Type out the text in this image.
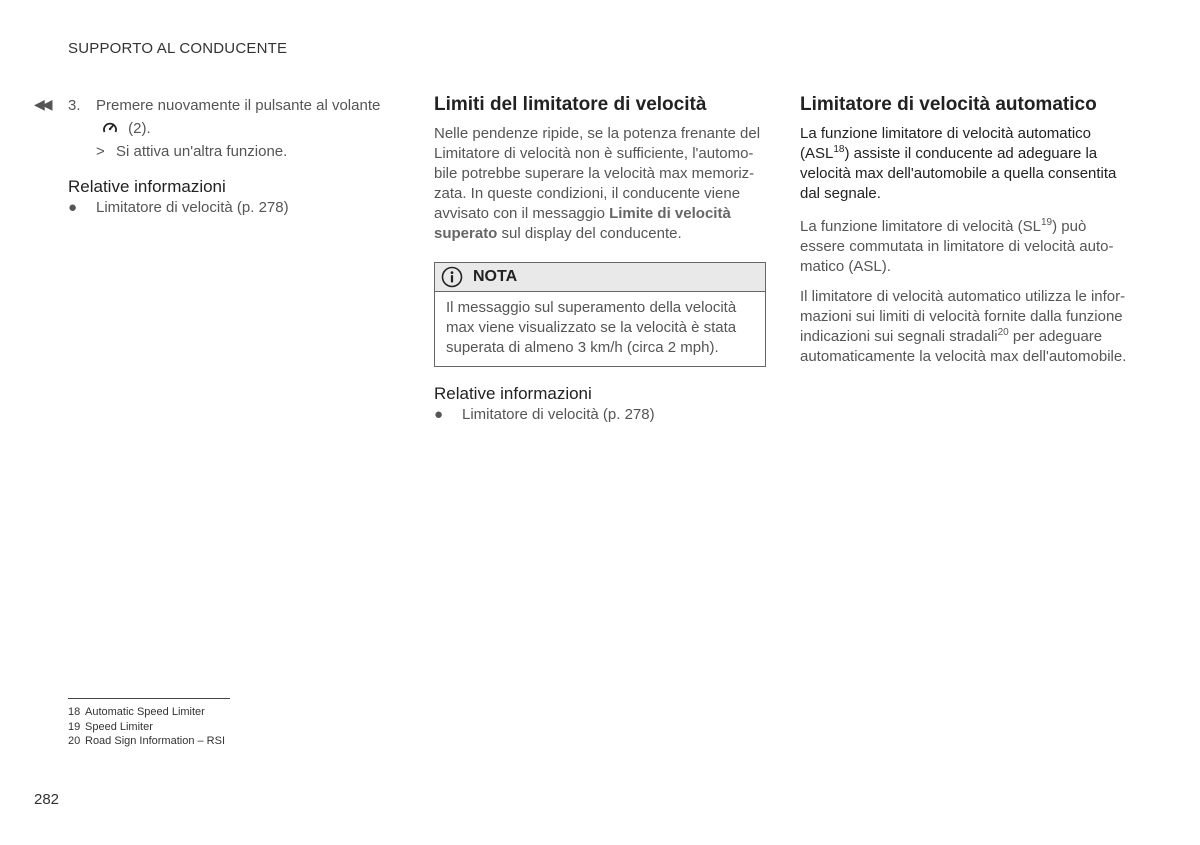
SUPPORTO AL CONDUCENTE
◀◀ 3.	Premere nuovamente il pulsante al volante
(2).
> Si attiva un'altra funzione.
Relative informazioni
●	Limitatore di velocità (p. 278)
Limiti del limitatore di velocità

Nelle pendenze ripide, se la potenza frenante del Limitatore di velocità non è sufficiente, l'automo-bile potrebbe superare la velocità max memoriz-zata. In queste condizioni, il conducente viene avvisato con il messaggio Limite di velocità superato sul display del conducente.

NOTA
Il messaggio sul superamento della velocità max viene visualizzato se la velocità è stata superata di almeno 3 km/h (circa 2 mph).
Relative informazioni
●	Limitatore di velocità (p. 278)
Limitatore di velocità automatico

La funzione limitatore di velocità automatico (ASL$^{18}$) assiste il conducente ad adeguare la velocità max dell'automobile a quella consentita dal segnale.

La funzione limitatore di velocità (SL$^{19}$) può essere commutata in limitatore di velocità auto-matico (ASL).

Il limitatore di velocità automatico utilizza le infor-mazioni sui limiti di velocità fornite dalla funzione indicazioni sui segnali stradali$^{20}$ per adeguare automaticamente la velocità max dell'automobile.

18 Automatic Speed Limiter
19 Speed Limiter
20 Road Sign Information – RSI
282
